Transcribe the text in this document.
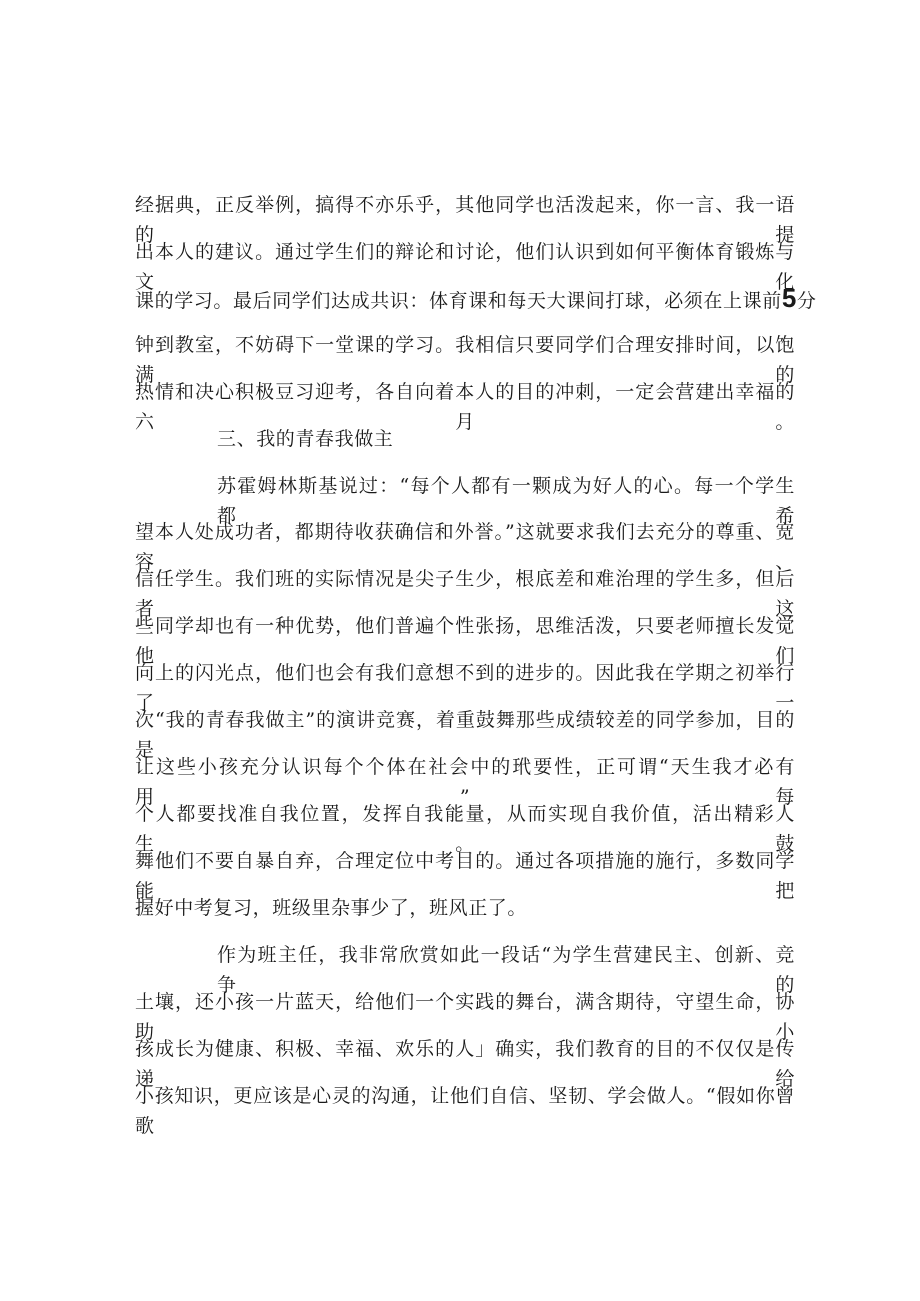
经据典，正反举例，搞得不亦乐乎，其他同学也活泼起来，你一言、我一语的提
出本人的建议。通过学生们的辩论和讨论，他们认识到如何平衡体育锻炼与文化
课的学习。最后同学们达成共识：体育课和每天大课间打球，必须在上课前5分
钟到教室，不妨碍下一堂课的学习。我相信只要同学们合理安排时间，以饱满的
热情和决心积极豆习迎考，各自向着本人的目的冲刺，一定会营建出幸福的六月。
三、我的青春我做主
苏霍姆林斯基说过：“每个人都有一颗成为好人的心。每一个学生都希
望本人处成功者，都期待收获确信和外誉。”这就要求我们去充分的尊重、宽容、
信任学生。我们班的实际情况是尖子生少，根底差和难治理的学生多，但后者这
些同学却也有一种优势，他们普遍个性张扬，思维活泼，只要老师擅长发觉他们
向上的闪光点，他们也会有我们意想不到的进步的。因此我在学期之初举行了一
次“我的青春我做主”的演讲竞赛，着重鼓舞那些成绩较差的同学参加，目的是
让这些小孩充分认识每个个体在社会中的玳要性，正可谓“天生我才必有用”每
个人都要找准自我位置，发挥自我能量，从而实现自我价值，活出精彩人生。鼓
舞他们不要自暴自弃，合理定位中考目的。通过各项措施的施行，多数同学能把
握好中考复习，班级里杂事少了，班风正了。
作为班主任，我非常欣赏如此一段话“为学生营建民主、创新、竞争的
土壤，还小孩一片蓝天，给他们一个实践的舞台，满含期待，守望生命，协助小
孩成长为健康、积极、幸福、欢乐的人」确实，我们教育的目的不仅仅是传递给
小孩知识，更应该是心灵的沟通，让他们自信、坚韧、学会做人。“假如你曾歌
